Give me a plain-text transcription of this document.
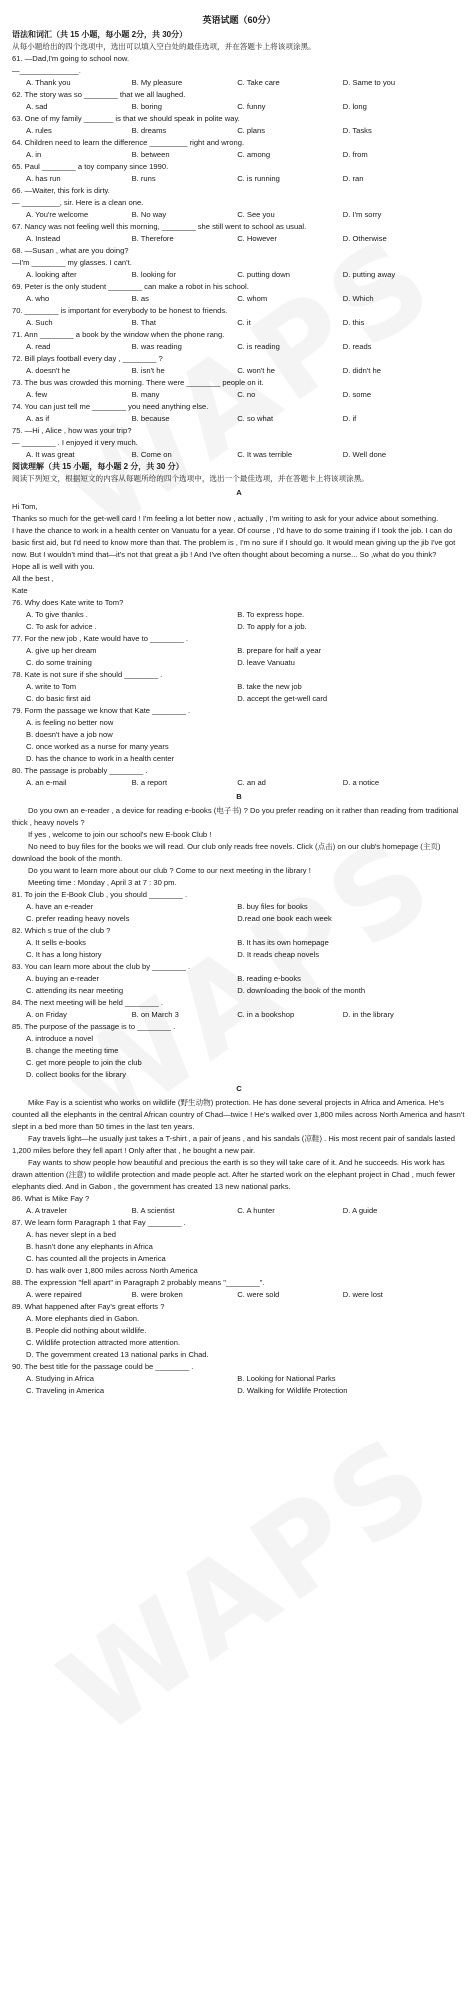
英语试题（60分）
语法和词汇（共 15 小题，每小题 2分，共 30分）
从每小题给出的四个选项中，选出可以填入空白处的最佳选项，并在答题卡上将该项涂黑。
61. —Dad,I'm going to school now.
—______________.
A. Thank you	B. My pleasure	C. Take care	D. Same to you
62. The story was so ________ that we all laughed.
A. sad	B. boring	C. funny	D. long
63. One of my family _______ is that we should speak in polite way.
A. rules	B. dreams	C. plans	D. Tasks
64. Children need to learn the difference _________ right and wrong.
A. in	B. between	C. among	D. from
65. Paul ________ a toy company since 1990.
A. has run	B. runs	C. is running	D. ran
66. —Waiter, this fork is dirty.
— _________, sir. Here is a clean one.
A. You're welcome	B. No way	C. See you	D. I'm sorry
67. Nancy was not feeling well this morning, ________ she still went to school as usual.
A. Instead	B. Therefore	C. However	D. Otherwise
68. —Susan , what are you doing?
—I'm ________ my glasses. I can't.
A. looking after	B. looking for	C. putting down	D. putting away
69. Peter is the only student ________ can make a robot in his school.
A. who	B. as	C. whom	D. Which
70. ________ is important for everybody to be honest to friends.
A. Such	B. That	C. it	D. this
71. Ann ________ a book by the window when the phone rang.
A. read	B. was reading	C. is reading	D. reads
72. Bill plays football every day , ________ ?
A. doesn't he	B. isn't he	C. won't he	D. didn't he
73. The bus was crowded this morning. There were ________ people on it.
A. few	B. many	C. no	D. some
74. You can just tell me ________ you need anything else.
A. as if	B. because	C. so what	D. if
75. —Hi , Alice , how was your trip?
— ________ . I enjoyed it very much.
A. It was great	B. Come on	C. It was terrible	D. Well done
阅读理解（共 15 小题，每小题 2 分，共 30 分）
阅读下列短文，根据短文的内容从每题所给的四个选项中，选出一个最佳选项，并在答题卡上将该项涂黑。
A
Hi Tom,
Thanks so much for the get-well card ! I'm feeling a lot better now , actually , I'm writing to ask for your advice about something.
I have the chance to work in a health center on Vanuatu for a year. Of course , I'd have to do some training if I took the job. I can do basic first aid, but I'd need to know more than that. The problem is , I'm no sure if I should go. It would mean giving up the jib I've got now. But I wouldn't mind that—it's not that great a jib ! And I've often thought about becoming a nurse... So ,what do you think?
Hope all is well with you.
All the best ,
Kate
76. Why does Kate write to Tom?
A. To give thanks .	B. To express hope.
C. To ask for advice .	D. To apply for a job.
77. For the new job , Kate would have to ________ .
A. give up her dream	B. prepare for half a year
C. do some training	D. leave Vanuatu
78. Kate is not sure if she should ________ .
A. write to Tom	B. take the new job
C. do basic first aid	D. accept the get-well card
79. Form the passage we know that Kate ________ .
A. is feeling no better now
B. doesn't have a job now
C. once worked as a nurse for many years
D. has the chance to work in a health center
80. The passage is probably ________ .
A. an e-mail	B. a report	C. an ad	D. a notice
B
Do you own an e-reader , a device for reading e-books (电子书) ? Do you prefer reading on it rather than reading from traditional thick , heavy novels ?
If yes , welcome to join our school's new E-book Club !
No need to buy files for the books we will read. Our club only reads free novels. Click (点击) on our club's homepage (主页) download the book of the month.
Do you want to learn more about our club ? Come to our next meeting in the library !
Meeting time : Monday , April 3 at 7 : 30 pm.
81. To join the E-Book Club , you should ________ .
A. have an e-reader	B. buy files for books
C. prefer reading heavy novels	D.read one book each week
82. Which s true of the club ?
A. It sells e-books	B. It has its own homepage
C. It has a long history	D. It reads cheap novels
83. You can learn more about the club by ________ .
A. buying an e-reader	B. reading e-books
C. attending its near meeting	D. downloading the book of the month
84. The next meeting will be held ________ .
A. on Friday	B. on March 3	C. in a bookshop	D. in the library
85. The purpose of the passage is to ________ .
A. introduce a novel
B. change the meeting time
C. get more people to join the club
D. collect books for the library
C
Mike Fay is a scientist who works on wildlife (野生动物) protection. He has done several projects in Africa and America. He's counted all the elephants in the central African country of Chad—twice ! He's walked over 1,800 miles across North America and hasn't slept in a bed more than 50 times in the last ten years.
Fay travels light—he usually just takes a T-shirt , a pair of jeans , and his sandals (凉鞋) . His most recent pair of sandals lasted 1,200 miles before they fell apart ! Only after that , he bought a new pair.
Fay wants to show people how beautiful and precious the earth is so they will take care of it. And he succeeds. His work has drawn attention (注意) to wildlife protection and made people act. After he started work on the elephant project in Chad , much fewer elephants died. And in Gabon , the government has created 13 new national parks.
86. What is Mike Fay ?
A. A traveler	B. A scientist	C. A hunter	D. A guide
87. We learn form Paragraph 1 that Fay ________ .
A. has never slept in a bed
B. hasn't done any elephants in Africa
C. has counted all the projects in America
D. has walk over 1,800 miles across North America
88. The expression "fell apart" in Paragraph 2 probably means "________".
A. were repaired	B. were broken	C. were sold	D. were lost
89. What happened after Fay's great efforts ?
A. More elephants died in Gabon.
B. People did nothing about wildlife.
C. Wildlife protection attracted more attention.
D. The government created 13 national parks in Chad.
90. The best title for the passage could be ________ .
A. Studying in Africa	B. Looking for National Parks
C. Traveling in America	D. Walking for Wildlife Protection
